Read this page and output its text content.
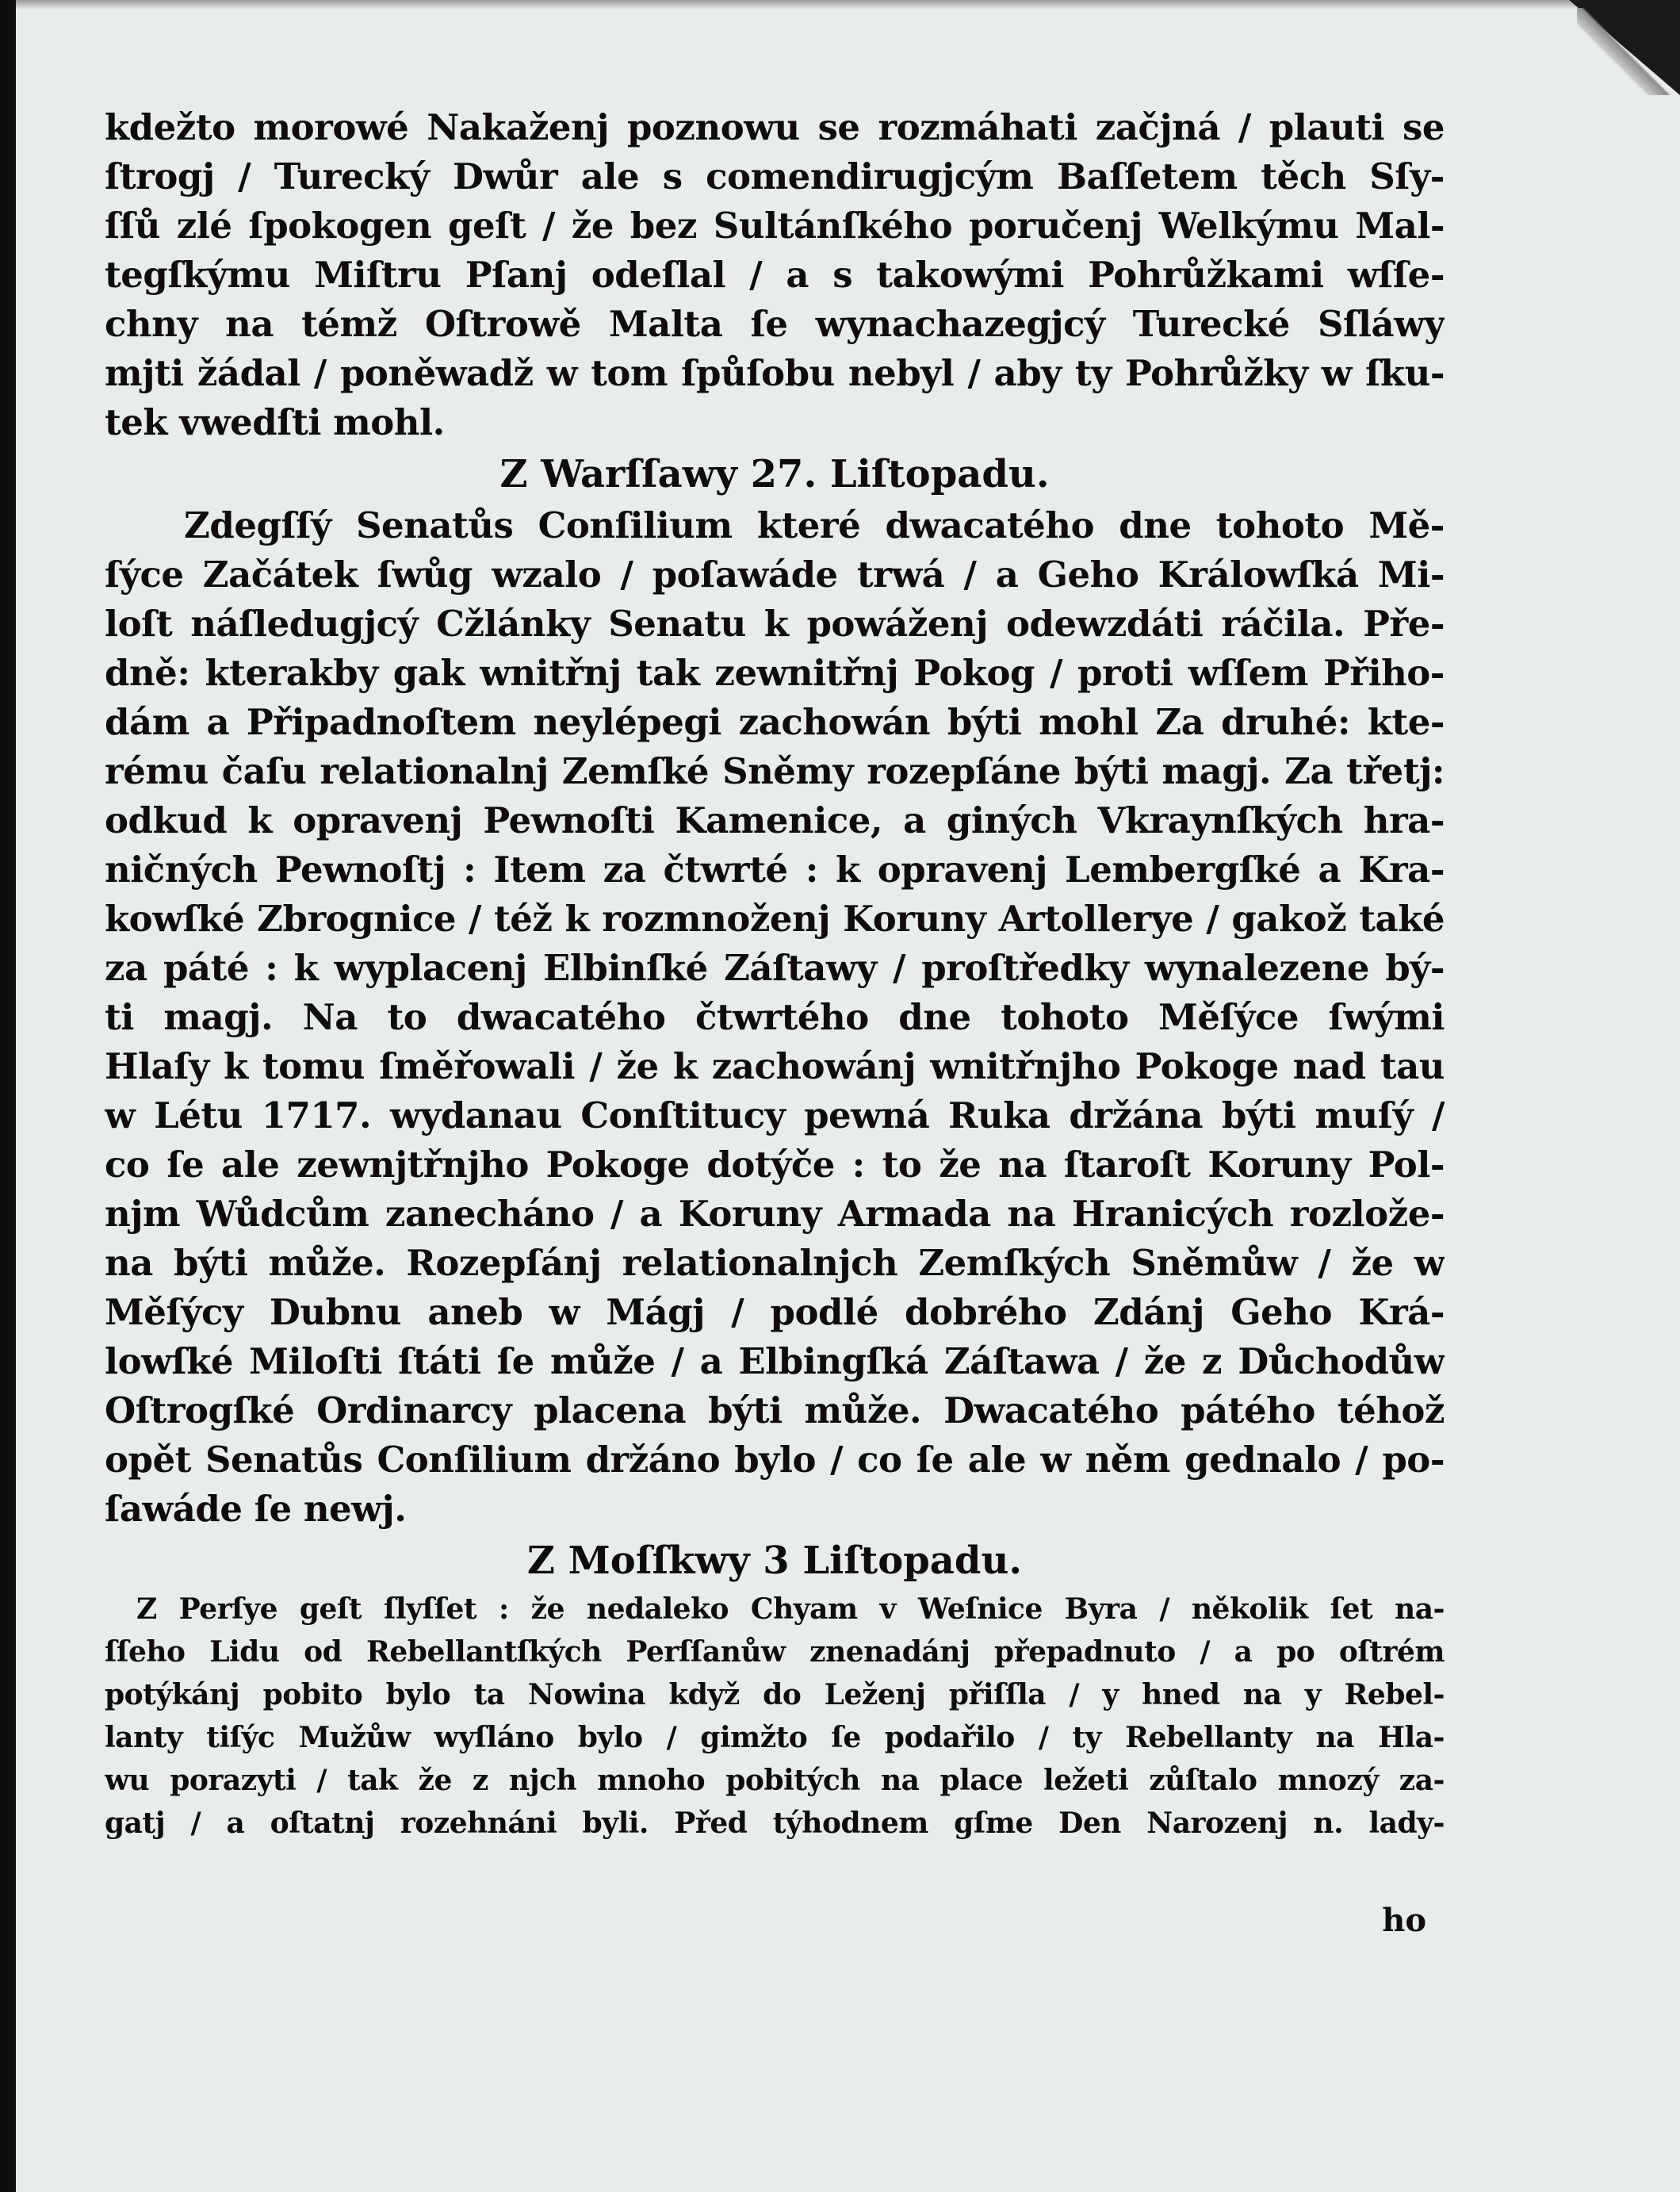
kdežto morowé Nakaženj poznowu se rozmáhati začjná / plauti se
ſtrogj / Turecký Dwůr ale s comendirugjcým Baſſetem těch Sſy-
ſſů zlé ſpokogen geſt / že bez Sultánſkého poručenj Welkýmu Mal-
tegſkýmu Miſtru Pſanj odeſlal / a s takowými Pohrůžkami wſſe-
chny na témž Oſtrowě Malta ſe wynachazegjcý Turecké Sſláwy
mjti žádal / poněwadž w tom ſpůſobu nebyl / aby ty Pohrůžky w ſku-
tek vwedſti mohl.
Z Warſſawy 27. Liſtopadu.
Zdegſſý Senatůs Conſilium které dwacatého dne tohoto Mě-
ſýce Začátek ſwůg wzalo / poſawáde trwá / a Geho Králowſká Mi-
loſt náſledugjcý Cžlánky Senatu k powáženj odewzdáti ráčila. Pře-
dně: kterakby gak wnitřnj tak zewnitřnj Pokog / proti wſſem Přiho-
dám a Připadnoſtem neylépegi zachowán býti mohl Za druhé: kte-
rému čaſu relationalnj Zemſké Sněmy rozepſáne býti magj. Za třetj:
odkud k opravenj Pewnoſti Kamenice, a giných Vkraynſkých hra-
ničných Pewnoſtj : Item za čtwrté : k opravenj Lembergſké a Kra-
kowſké Zbrognice / též k rozmnoženj Koruny Artollerye / gakož také
za páté : k wyplacenj Elbinſké Záſtawy / proſtředky wynalezene bý-
ti magj. Na to dwacatého čtwrtého dne tohoto Měſýce ſwými
Hlaſy k tomu ſměřowali / že k zachowánj wnitřnjho Pokoge nad tau
w Létu 1717. wydanau Conſtitucy pewná Ruka držána býti muſý /
co ſe ale zewnjtřnjho Pokoge dotýče : to že na ſtaroſt Koruny Pol-
njm Wůdcům zanecháno / a Koruny Armada na Hranicých rozlože-
na býti může. Rozepſánj relationalnjch Zemſkých Sněmůw / že w
Měſýcy Dubnu aneb w Mágj / podlé dobrého Zdánj Geho Krá-
lowſké Miloſti ſtáti ſe může / a Elbingſká Záſtawa / že z Důchodůw
Oſtrogſké Ordinarcy placena býti může. Dwacatého pátého téhož
opět Senatůs Conſilium držáno bylo / co ſe ale w něm gednalo / po-
ſawáde ſe newj.
Z Moſſkwy 3 Liſtopadu.
Z Perſye geſt ſlyſſet : že nedaleko Chyam v Weſnice Byra / několik ſet na-
ſſeho Lidu od Rebellantſkých Perſſanůw znenadánj přepadnuto / a po oſtrém
potýkánj pobito bylo ta Nowina když do Leženj přiſſla / y hned na y Rebel-
lanty tiſýc Mužůw wyſláno bylo / gimžto ſe podařilo / ty Rebellanty na Hla-
wu porazyti / tak že z njch mnoho pobitých na place ležeti zůſtalo mnozý za-
gatj / a oſtatnj rozehnáni byli. Před týhodnem gſme Den Narozenj n. lady-
ho
